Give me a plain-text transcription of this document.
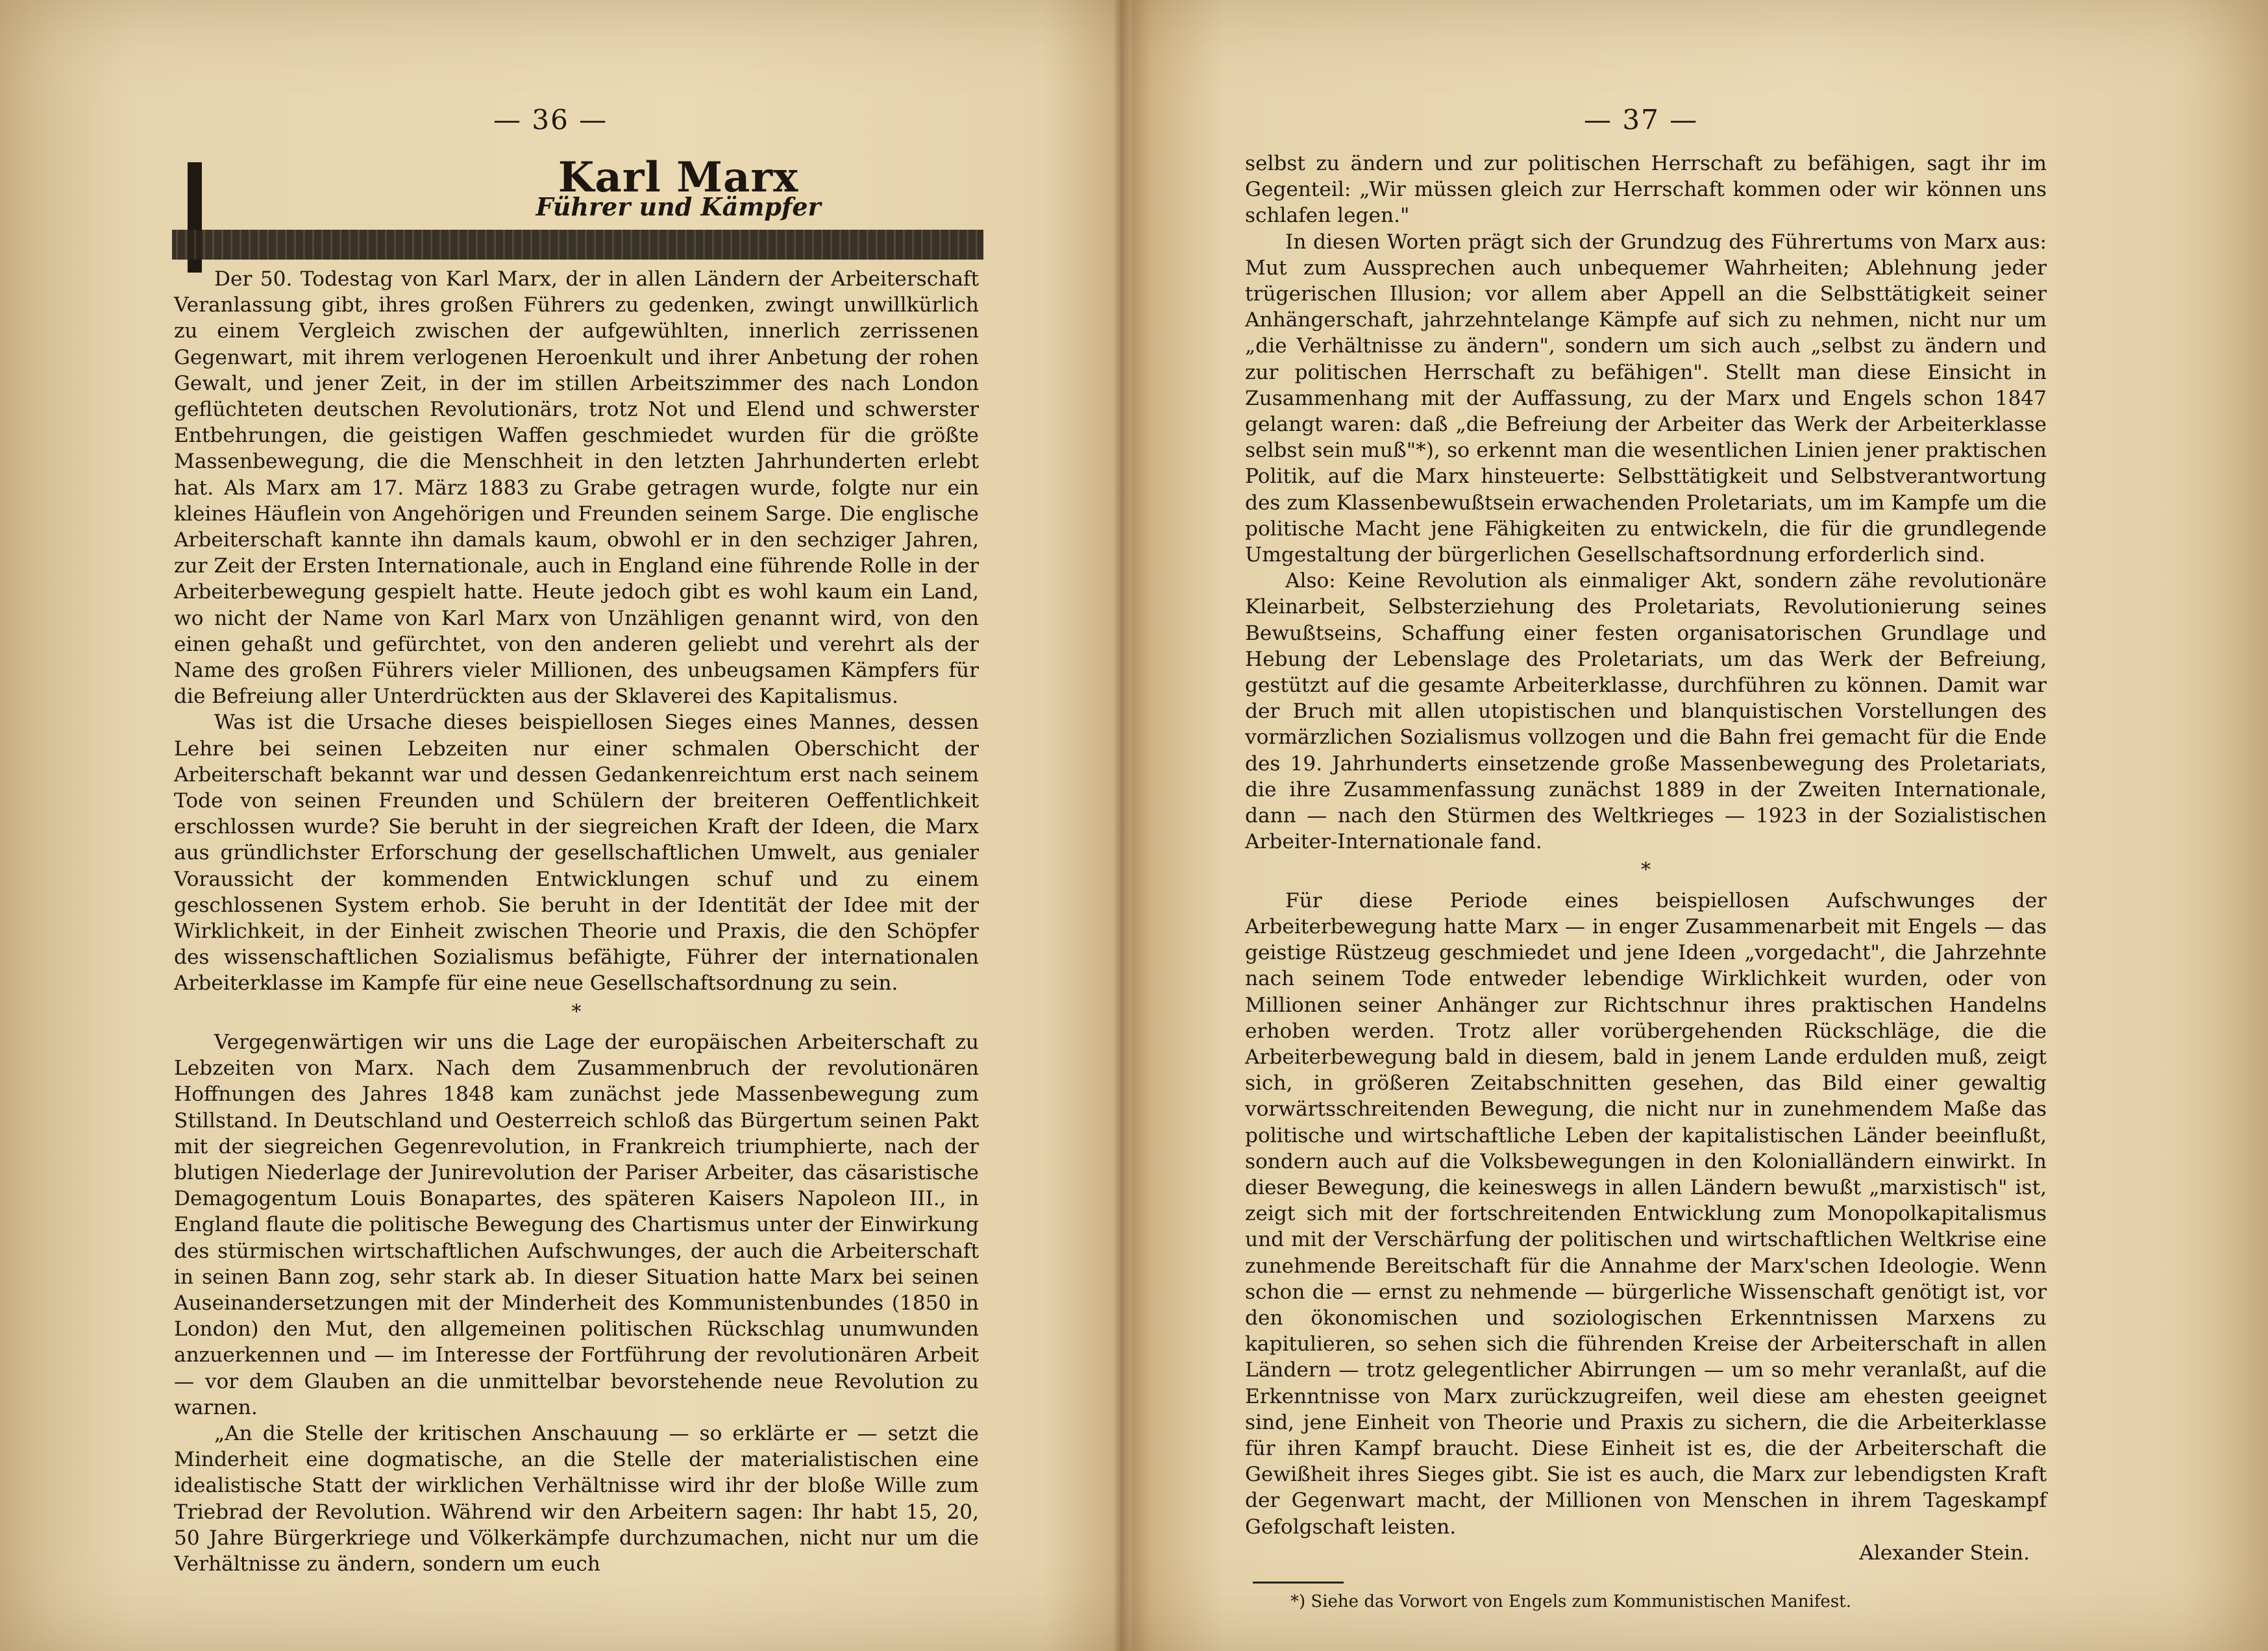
— 36 —
Karl Marx
Führer und Kämpfer

Der 50. Todestag von Karl Marx, der in allen Ländern der Arbeiterschaft Veranlassung gibt, ihres großen Führers zu gedenken, zwingt unwillkürlich zu einem Vergleich zwischen der aufgewühlten, innerlich zerrissenen Gegenwart, mit ihrem verlogenen Heroenkult und ihrer Anbetung der rohen Gewalt, und jener Zeit, in der im stillen Arbeitszimmer des nach London geflüchteten deutschen Revolutionärs, trotz Not und Elend und schwerster Entbehrungen, die geistigen Waffen geschmiedet wurden für die größte Massenbewegung, die die Menschheit in den letzten Jahrhunderten erlebt hat. Als Marx am 17. März 1883 zu Grabe getragen wurde, folgte nur ein kleines Häuflein von Angehörigen und Freunden seinem Sarge. Die englische Arbeiterschaft kannte ihn damals kaum, obwohl er in den sechziger Jahren, zur Zeit der Ersten Internationale, auch in England eine führende Rolle in der Arbeiterbewegung gespielt hatte. Heute jedoch gibt es wohl kaum ein Land, wo nicht der Name von Karl Marx von Unzähligen genannt wird, von den einen gehaßt und gefürchtet, von den anderen geliebt und verehrt als der Name des großen Führers vieler Millionen, des unbeugsamen Kämpfers für die Befreiung aller Unterdrückten aus der Sklaverei des Kapitalismus.

Was ist die Ursache dieses beispiellosen Sieges eines Mannes, dessen Lehre bei seinen Lebzeiten nur einer schmalen Oberschicht der Arbeiterschaft bekannt war und dessen Gedankenreichtum erst nach seinem Tode von seinen Freunden und Schülern der breiteren Oeffentlichkeit erschlossen wurde? Sie beruht in der siegreichen Kraft der Ideen, die Marx aus gründlichster Erforschung der gesellschaftlichen Umwelt, aus genialer Voraussicht der kommenden Entwicklungen schuf und zu einem geschlossenen System erhob. Sie beruht in der Identität der Idee mit der Wirklichkeit, in der Einheit zwischen Theorie und Praxis, die den Schöpfer des wissenschaftlichen Sozialismus befähigte, Führer der internationalen Arbeiterklasse im Kampfe für eine neue Gesellschaftsordnung zu sein.

*

Vergegenwärtigen wir uns die Lage der europäischen Arbeiterschaft zu Lebzeiten von Marx. Nach dem Zusammenbruch der revolutionären Hoffnungen des Jahres 1848 kam zunächst jede Massenbewegung zum Stillstand. In Deutschland und Oesterreich schloß das Bürgertum seinen Pakt mit der siegreichen Gegenrevolution, in Frankreich triumphierte, nach der blutigen Niederlage der Junirevolution der Pariser Arbeiter, das cäsaristische Demagogentum Louis Bonapartes, des späteren Kaisers Napoleon III., in England flaute die politische Bewegung des Chartismus unter der Einwirkung des stürmischen wirtschaftlichen Aufschwunges, der auch die Arbeiterschaft in seinen Bann zog, sehr stark ab. In dieser Situation hatte Marx bei seinen Auseinandersetzungen mit der Minderheit des Kommunistenbundes (1850 in London) den Mut, den allgemeinen politischen Rückschlag unumwunden anzuerkennen und — im Interesse der Fortführung der revolutionären Arbeit — vor dem Glauben an die unmittelbar bevorstehende neue Revolution zu warnen.

„An die Stelle der kritischen Anschauung — so erklärte er — setzt die Minderheit eine dogmatische, an die Stelle der materialistischen eine idealistische Statt der wirklichen Verhältnisse wird ihr der bloße Wille zum Triebrad der Revolution. Während wir den Arbeitern sagen: Ihr habt 15, 20, 50 Jahre Bürgerkriege und Völkerkämpfe durchzumachen, nicht nur um die Verhältnisse zu ändern, sondern um euch

— 37 —

selbst zu ändern und zur politischen Herrschaft zu befähigen, sagt ihr im Gegenteil: „Wir müssen gleich zur Herrschaft kommen oder wir können uns schlafen legen."

In diesen Worten prägt sich der Grundzug des Führertums von Marx aus: Mut zum Aussprechen auch unbequemer Wahrheiten; Ablehnung jeder trügerischen Illusion; vor allem aber Appell an die Selbsttätigkeit seiner Anhängerschaft, jahrzehntelange Kämpfe auf sich zu nehmen, nicht nur um „die Verhältnisse zu ändern", sondern um sich auch „selbst zu ändern und zur politischen Herrschaft zu befähigen". Stellt man diese Einsicht in Zusammenhang mit der Auffassung, zu der Marx und Engels schon 1847 gelangt waren: daß „die Befreiung der Arbeiter das Werk der Arbeiterklasse selbst sein muß"*), so erkennt man die wesentlichen Linien jener praktischen Politik, auf die Marx hinsteuerte: Selbsttätigkeit und Selbstverantwortung des zum Klassenbewußtsein erwachenden Proletariats, um im Kampfe um die politische Macht jene Fähigkeiten zu entwickeln, die für die grundlegende Umgestaltung der bürgerlichen Gesellschaftsordnung erforderlich sind.

Also: Keine Revolution als einmaliger Akt, sondern zähe revolutionäre Kleinarbeit, Selbsterziehung des Proletariats, Revolutionierung seines Bewußtseins, Schaffung einer festen organisatorischen Grundlage und Hebung der Lebenslage des Proletariats, um das Werk der Befreiung, gestützt auf die gesamte Arbeiterklasse, durchführen zu können. Damit war der Bruch mit allen utopistischen und blanquistischen Vorstellungen des vormärzlichen Sozialismus vollzogen und die Bahn frei gemacht für die Ende des 19. Jahrhunderts einsetzende große Massenbewegung des Proletariats, die ihre Zusammenfassung zunächst 1889 in der Zweiten Internationale, dann — nach den Stürmen des Weltkrieges — 1923 in der Sozialistischen Arbeiter-Internationale fand.

*

Für diese Periode eines beispiellosen Aufschwunges der Arbeiterbewegung hatte Marx — in enger Zusammenarbeit mit Engels — das geistige Rüstzeug geschmiedet und jene Ideen „vorgedacht", die Jahrzehnte nach seinem Tode entweder lebendige Wirklichkeit wurden, oder von Millionen seiner Anhänger zur Richtschnur ihres praktischen Handelns erhoben werden. Trotz aller vorübergehenden Rückschläge, die die Arbeiterbewegung bald in diesem, bald in jenem Lande erdulden muß, zeigt sich, in größeren Zeitabschnitten gesehen, das Bild einer gewaltig vorwärtsschreitenden Bewegung, die nicht nur in zunehmendem Maße das politische und wirtschaftliche Leben der kapitalistischen Länder beeinflußt, sondern auch auf die Volksbewegungen in den Kolonialländern einwirkt. In dieser Bewegung, die keineswegs in allen Ländern bewußt „marxistisch" ist, zeigt sich mit der fortschreitenden Entwicklung zum Monopolkapitalismus und mit der Verschärfung der politischen und wirtschaftlichen Weltkrise eine zunehmende Bereitschaft für die Annahme der Marx'schen Ideologie. Wenn schon die — ernst zu nehmende — bürgerliche Wissenschaft genötigt ist, vor den ökonomischen und soziologischen Erkenntnissen Marxens zu kapitulieren, so sehen sich die führenden Kreise der Arbeiterschaft in allen Ländern — trotz gelegentlicher Abirrungen — um so mehr veranlaßt, auf die Erkenntnisse von Marx zurückzugreifen, weil diese am ehesten geeignet sind, jene Einheit von Theorie und Praxis zu sichern, die die Arbeiterklasse für ihren Kampf braucht. Diese Einheit ist es, die der Arbeiterschaft die Gewißheit ihres Sieges gibt. Sie ist es auch, die Marx zur lebendigsten Kraft der Gegenwart macht, der Millionen von Menschen in ihrem Tageskampf Gefolgschaft leisten.

Alexander Stein.
*) Siehe das Vorwort von Engels zum Kommunistischen Manifest.
